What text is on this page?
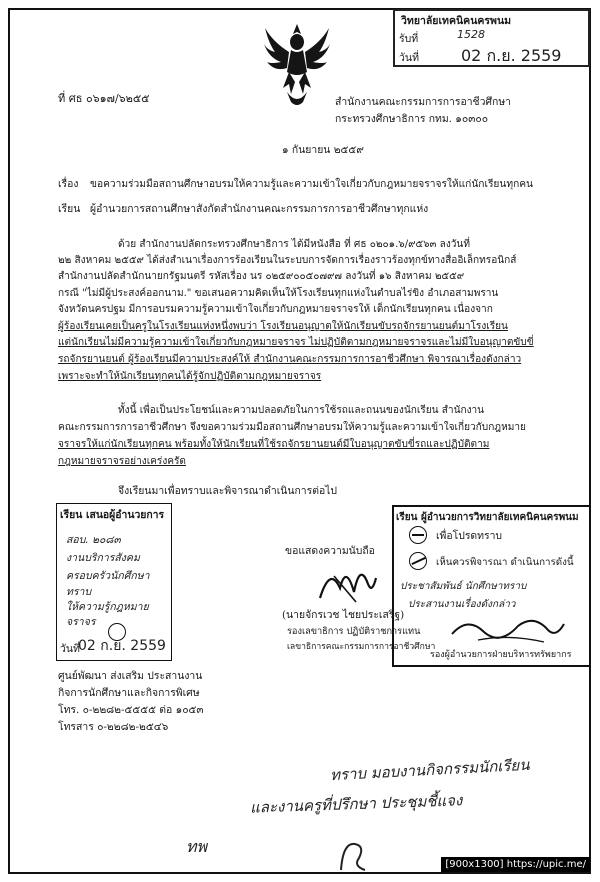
วิทยาลัยเทคนิคนครพนม
รับที่	1528
วันที่	02 ก.ย. 2559
ที่ ศธ ๐๖๑๗/๖๒๕๕	สำนักงานคณะกรรมการการอาชีวศึกษา
กระทรวงศึกษาธิการ กทม. ๑๐๓๐๐
๑ กันยายน ๒๕๕๙
เรื่อง ขอความร่วมมือสถานศึกษาอบรมให้ความรู้และความเข้าใจเกี่ยวกับกฎหมายจราจรให้แก่นักเรียนทุกคน
เรียน ผู้อำนวยการสถานศึกษาสังกัดสำนักงานคณะกรรมการการอาชีวศึกษาทุกแห่ง
ด้วย สำนักงานปลัดกระทรวงศึกษาธิการ ได้มีหนังสือ ที่ ศธ ๐๒๐๑.๖/๙๕๖๓ ลงวันที่
๒๒ สิงหาคม ๒๕๕๙ ได้ส่งสำเนาเรื่องการร้องเรียนในระบบการจัดการเรื่องราวร้องทุกข์ทางสื่ออิเล็กทรอนิกส์
สำนักงานปลัดสำนักนายกรัฐมนตรี รหัสเรื่อง นร ๐๒๕๙๐๐๕๐๗๙๗ ลงวันที่ ๑๖ สิงหาคม ๒๕๕๙
กรณี "ไม่มีผู้ประสงค์ออกนาม." ขอเสนอความคิดเห็นให้โรงเรียนทุกแห่งในตำบลไร่ขิง อำเภอสามพราน
จังหวัดนครปฐม มีการอบรมความรู้ความเข้าใจเกี่ยวกับกฎหมายจราจรให้ เด็กนักเรียนทุกคน เนื่องจาก
ผู้ร้องเรียนเคยเป็นครูในโรงเรียนแห่งหนึ่งพบว่า โรงเรียนอนุญาตให้นักเรียนขับรถจักรยานยนต์มาโรงเรียน
แต่นักเรียนไม่มีความรู้ความเข้าใจเกี่ยวกับกฎหมายจราจร ไม่ปฏิบัติตามกฎหมายจราจรและไม่มีใบอนุญาตขับขี่
รถจักรยานยนต์ ผู้ร้องเรียนมีความประสงค์ให้ สำนักงานคณะกรรมการการอาชีวศึกษา พิจารณาเรื่องดังกล่าว
เพราะจะทำให้นักเรียนทุกคนได้รู้จักปฏิบัติตามกฎหมายจราจร
ทั้งนี้ เพื่อเป็นประโยชน์และความปลอดภัยในการใช้รถและถนนของนักเรียน สำนักงาน
คณะกรรมการการอาชีวศึกษา จึงขอความร่วมมือสถานศึกษาอบรมให้ความรู้และความเข้าใจเกี่ยวกับกฎหมาย
จราจรให้แก่นักเรียนทุกคน พร้อมทั้งให้นักเรียนที่ใช้รถจักรยานยนต์มีใบอนุญาตขับขี่รถและปฏิบัติตาม
กฎหมายจราจรอย่างเคร่งครัด
จึงเรียนมาเพื่อทราบและพิจารณาดำเนินการต่อไป
เรียน เสนอผู้อำนวยการ
สอบ. ๒๐๘๓
งานบริการสังคม
ครอบครัวนักศึกษา
ทราบ
ให้ความรู้กฎหมาย
จราจร
วันที่
02 ก.ย. 2559
ขอแสดงความนับถือ
(นายจักรเวช ไชยประเสริฐ)
รองเลขาธิการ ปฏิบัติราชการแทน
เลขาธิการคณะกรรมการการอาชีวศึกษา
เรียน ผู้อำนวยการวิทยาลัยเทคนิคนครพนม
เพื่อโปรดทราบ
เห็นควรพิจารณา ดำเนินการดังนี้
ประชาสัมพันธ์ นักศึกษาทราบ
ประสานงานเรื่องดังกล่าว
รองผู้อำนวยการฝ่ายบริหารทรัพยากร
ศูนย์พัฒนา ส่งเสริม ประสานงาน
กิจการนักศึกษาและกิจการพิเศษ
โทร. ๐-๒๒๘๒-๕๕๕๕ ต่อ ๑๐๕๓
โทรสาร ๐-๒๒๘๒-๒๕๔๖
ทราบ มอบงานกิจกรรมนักเรียน
และงานครูที่ปรึกษา ประชุมชี้แจง
ทพ
[900x1300] https://upic.me/
